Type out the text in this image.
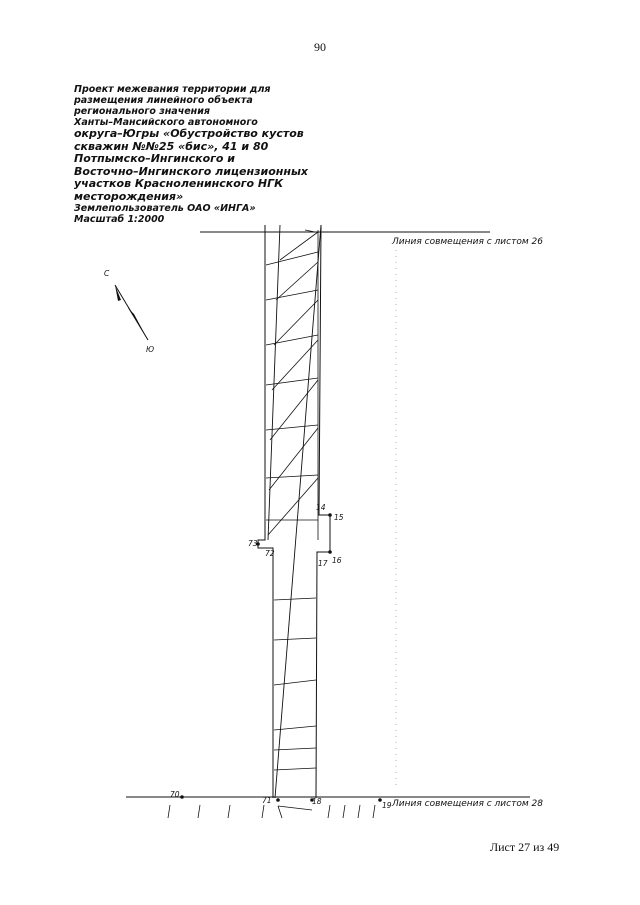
90
Проект межевания территории для
размещения линейного объекта
регионального значения
Ханты–Мансийского автономного
округа–Югры «Обустройство кустов
скважин №№25 «бис», 41 и 80
Потпымско–Ингинского и
Восточно–Ингинского лицензионных
участков Красноленинского НГК
месторождения»
Землепользователь ОАО «ИНГА»
Масштаб 1:2000
Линия совмещения с листом 26
Линия совмещения с листом 28
14
15
16
17
72
73
70
71	18	19
С
Ю
Лист 27 из 49
